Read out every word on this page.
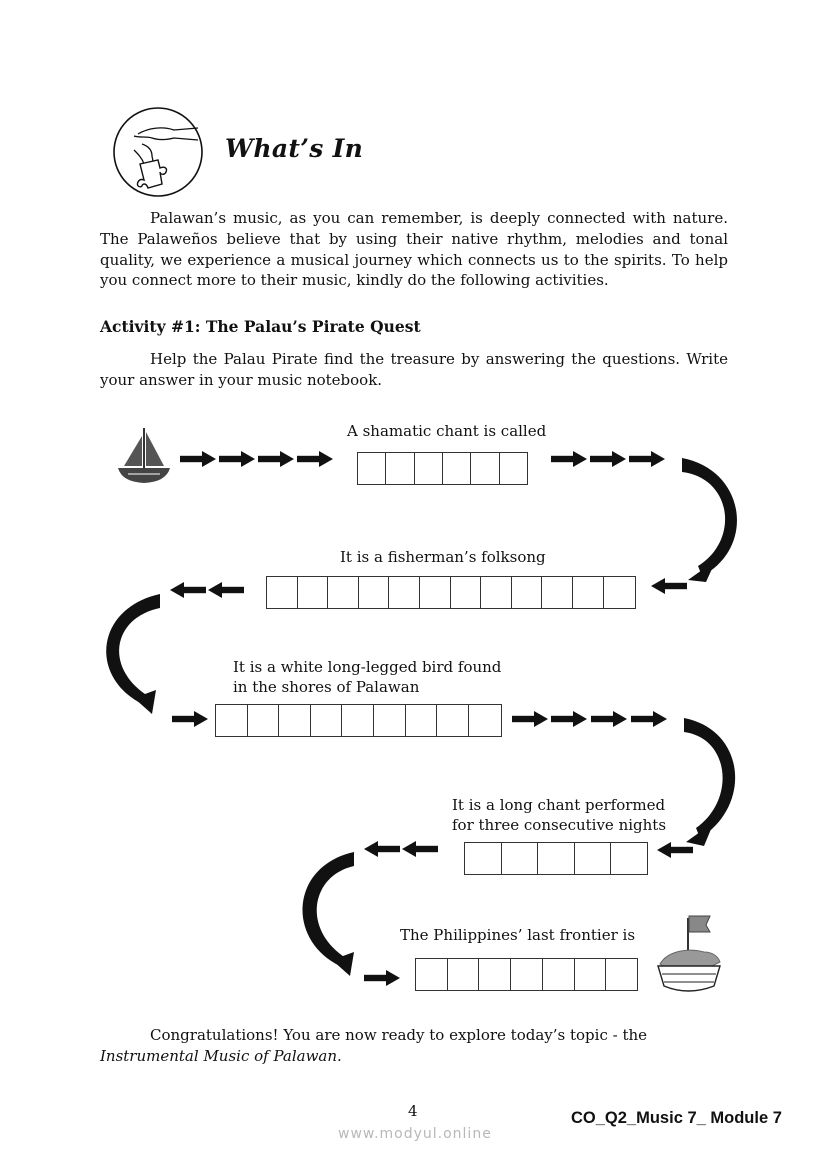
What’s In

Palawan’s music, as you can remember, is deeply connected with nature. The Palaweños believe that by using their native rhythm, melodies and tonal quality, we experience a musical journey which connects us to the spirits. To help you connect more to their music, kindly do the following activities.

Activity #1: The Palau’s Pirate Quest

Help the Palau Pirate find the treasure by answering the questions. Write your answer in your music notebook.

A shamatic chant is called
It is a fisherman’s folksong
It is a white long-legged bird found
in the shores of Palawan
It is a long chant performed
for three consecutive nights
The Philippines’ last frontier is

Congratulations! You are now ready to explore today’s topic - the Instrumental Music of Palawan.

4	CO_Q2_Music 7_ Module 7
www.modyul.online
